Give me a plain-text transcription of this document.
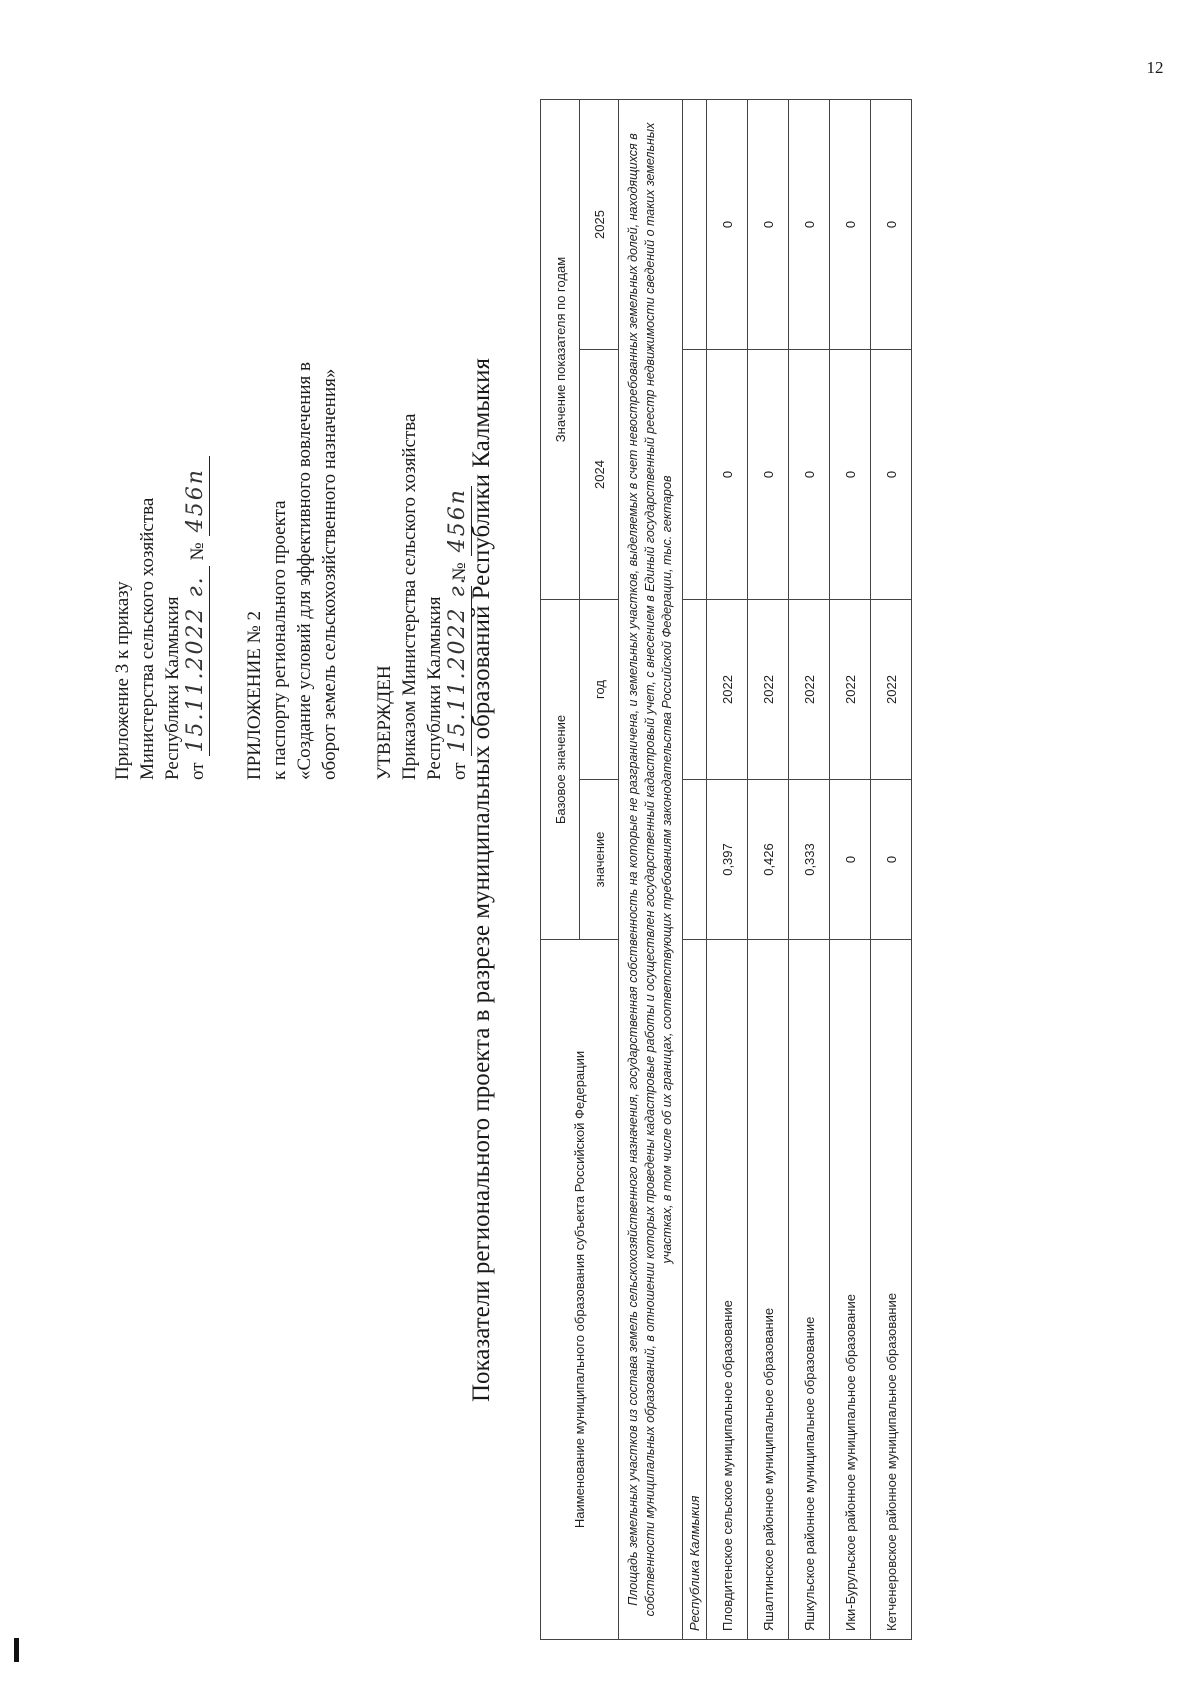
12
Приложение 3 к приказу Министерства сельского хозяйства Республики Калмыкия от
15.11.2022 г.
№
456п
ПРИЛОЖЕНИЕ № 2 к паспорту регионального проекта «Создание условий для эффективного вовлечения в оборот земель сельскохозяйственного назначения» УТВЕРЖДЕН Приказом Министерства сельского хозяйства Республики Калмыкия от
15.11.2022 г.
№
456п
Показатели регионального проекта в разрезе муниципальных образований Республики Калмыкия	Наименование муниципального образования субъекта Российской Федерации	Базовое значение		Значение показателя по годам	
	значение	год	2024	2025
Площадь земельных участков из состава земель сельскохозяйственного назначения, государственная собственность на которые не разграничена, и земельных участков, выделяемых в счет невостребованных земельных долей, находящихся в собственности муниципальных образований, в отношении которых проведены кадастровые работы и осуществлен государственный кадастровый учет, с внесением в Единый государственный реестр недвижимости сведений о таких земельных участках, в том числе об их границах, соответствующих требованиям законодательства Российской Федерации, тыс. гектаров				
Республика Калмыкия				
Пловдитенское сельское муниципальное образование	0,397	2022	0	0
Яшалтинское районное муниципальное образование	0,426	2022	0	0
Яшкульское районное муниципальное образование	0,333	2022	0	0
Ики-Бурульское районное муниципальное образование	0	2022	0	0
Кетченеровское районное муниципальное образование	0	2022	0	0
